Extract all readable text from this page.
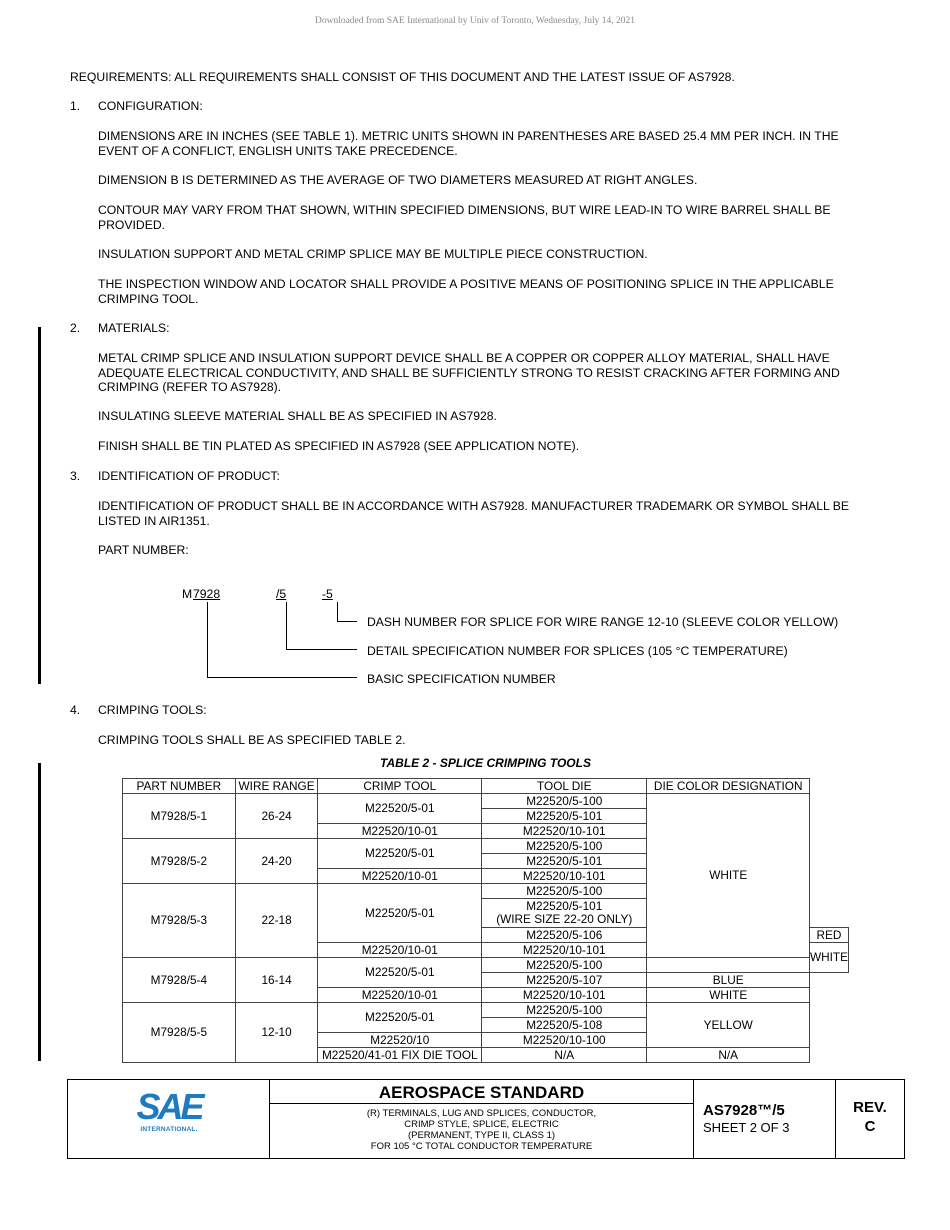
Downloaded from SAE International by Univ of Toronto, Wednesday, July 14, 2021
REQUIREMENTS: ALL REQUIREMENTS SHALL CONSIST OF THIS DOCUMENT AND THE LATEST ISSUE OF AS7928.
1. CONFIGURATION:
DIMENSIONS ARE IN INCHES (SEE TABLE 1). METRIC UNITS SHOWN IN PARENTHESES ARE BASED 25.4 MM PER INCH. IN THE EVENT OF A CONFLICT, ENGLISH UNITS TAKE PRECEDENCE.
DIMENSION B IS DETERMINED AS THE AVERAGE OF TWO DIAMETERS MEASURED AT RIGHT ANGLES.
CONTOUR MAY VARY FROM THAT SHOWN, WITHIN SPECIFIED DIMENSIONS, BUT WIRE LEAD-IN TO WIRE BARREL SHALL BE PROVIDED.
INSULATION SUPPORT AND METAL CRIMP SPLICE MAY BE MULTIPLE PIECE CONSTRUCTION.
THE INSPECTION WINDOW AND LOCATOR SHALL PROVIDE A POSITIVE MEANS OF POSITIONING SPLICE IN THE APPLICABLE CRIMPING TOOL.
2. MATERIALS:
METAL CRIMP SPLICE AND INSULATION SUPPORT DEVICE SHALL BE A COPPER OR COPPER ALLOY MATERIAL, SHALL HAVE ADEQUATE ELECTRICAL CONDUCTIVITY, AND SHALL BE SUFFICIENTLY STRONG TO RESIST CRACKING AFTER FORMING AND CRIMPING (REFER TO AS7928).
INSULATING SLEEVE MATERIAL SHALL BE AS SPECIFIED IN AS7928.
FINISH SHALL BE TIN PLATED AS SPECIFIED IN AS7928 (SEE APPLICATION NOTE).
3. IDENTIFICATION OF PRODUCT:
IDENTIFICATION OF PRODUCT SHALL BE IN ACCORDANCE WITH AS7928. MANUFACTURER TRADEMARK OR SYMBOL SHALL BE LISTED IN AIR1351.
PART NUMBER:
M 7928	/5	-5
DASH NUMBER FOR SPLICE FOR WIRE RANGE 12-10 (SLEEVE COLOR YELLOW)
DETAIL SPECIFICATION NUMBER FOR SPLICES (105 °C TEMPERATURE)
BASIC SPECIFICATION NUMBER
4. CRIMPING TOOLS:
CRIMPING TOOLS SHALL BE AS SPECIFIED TABLE 2.
TABLE 2 - SPLICE CRIMPING TOOLS
PART NUMBER	WIRE RANGE	CRIMP TOOL	TOOL DIE	DIE COLOR DESIGNATION	
M7928/5-1	26-24	M22520/5-01	M22520/5-100	WHITE	
			M22520/5-101		
		M22520/10-01	M22520/10-101		
M7928/5-2	24-20	M22520/5-01	M22520/5-100		
			M22520/5-101		
		M22520/10-01	M22520/10-101		
M7928/5-3	22-18	M22520/5-01	M22520/5-100		
			M22520/5-101
(WIRE SIZE 22-20 ONLY)		
			M22520/5-106		RED
		M22520/10-01	M22520/10-101		WHITE
M7928/5-4	16-14	M22520/5-01	M22520/5-100		
			M22520/5-107	BLUE	
		M22520/10-01	M22520/10-101	WHITE	
M7928/5-5	12-10	M22520/5-01	M22520/5-100	YELLOW	
			M22520/5-108		
		M22520/10	M22520/10-100		
		M22520/41-01 FIX DIE TOOL	N/A	N/A	
SAE
INTERNATIONAL.
AEROSPACE STANDARD
(R) TERMINALS, LUG AND SPLICES, CONDUCTOR,
CRIMP STYLE, SPLICE, ELECTRIC
(PERMANENT, TYPE II, CLASS 1)
FOR 105 °C TOTAL CONDUCTOR TEMPERATURE
AS7928™/5
SHEET 2 OF 3
REV.
C
